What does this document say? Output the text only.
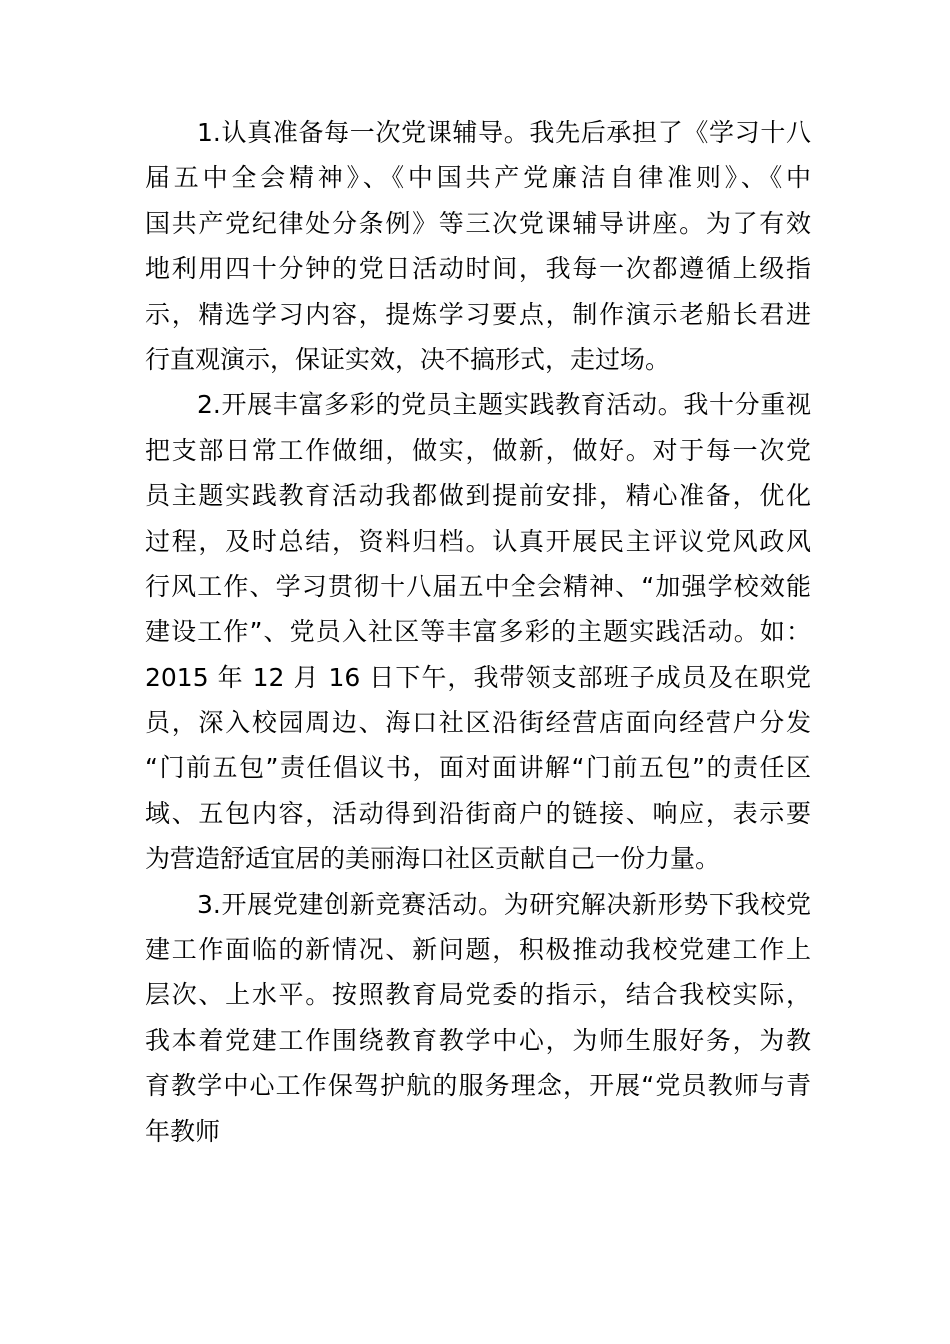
1.认真准备每一次党课辅导。我先后承担了《学习十八
届五中全会精神》、《中国共产党廉洁自律准则》、《中
国共产党纪律处分条例》等三次党课辅导讲座。为了有效
地利用四十分钟的党日活动时间，我每一次都遵循上级指
示，精选学习内容，提炼学习要点，制作演示老船长君进
行直观演示，保证实效，决不搞形式，走过场。
2.开展丰富多彩的党员主题实践教育活动。我十分重视
把支部日常工作做细，做实，做新，做好。对于每一次党
员主题实践教育活动我都做到提前安排，精心准备，优化
过程，及时总结，资料归档。认真开展民主评议党风政风
行风工作、学习贯彻十八届五中全会精神、“加强学校效能
建设工作”、党员入社区等丰富多彩的主题实践活动。如：
2015 年 12 月 16 日下午，我带领支部班子成员及在职党
员，深入校园周边、海口社区沿街经营店面向经营户分发
“门前五包”责任倡议书，面对面讲解“门前五包”的责任区
域、五包内容，活动得到沿街商户的链接、响应，表示要
为营造舒适宜居的美丽海口社区贡献自己一份力量。
3.开展党建创新竞赛活动。为研究解决新形势下我校党
建工作面临的新情况、新问题，积极推动我校党建工作上
层次、上水平。按照教育局党委的指示，结合我校实际，
我本着党建工作围绕教育教学中心，为师生服好务，为教
育教学中心工作保驾护航的服务理念，开展“党员教师与青
年教师
